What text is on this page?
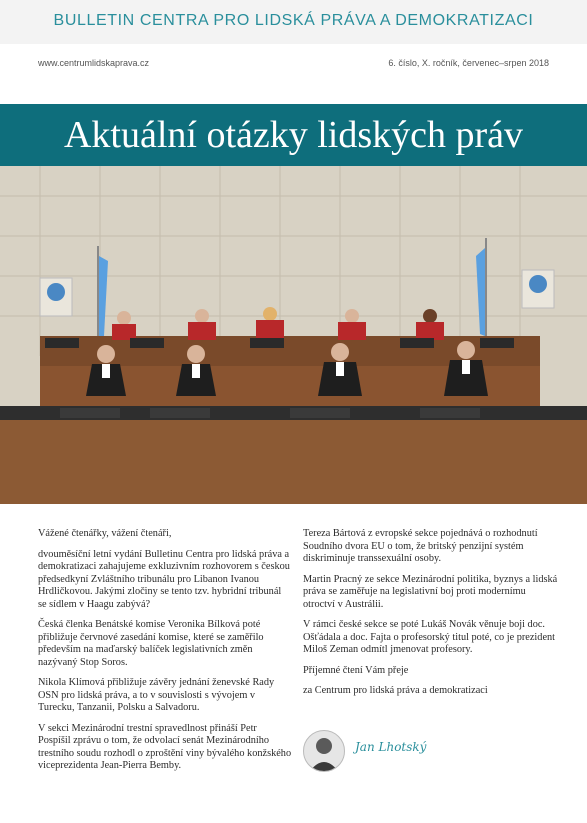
BULLETIN CENTRA PRO LIDSKÁ PRÁVA A DEMOKRATIZACI
www.centrumlidskaprava.cz	6. číslo, X. ročník, červenec–srpen 2018
Aktuální otázky lidských práv

Vážené čtenářky, vážení čtenáři,

dvouměsíční letní vydání Bulletinu Centra pro lidská práva a demokratizaci zahajujeme exkluzivním rozhovorem s českou předsedkyní Zvláštního tribunálu pro Libanon Ivanou Hrdličkovou. Jakými zločiny se tento tzv. hybridní tribunál se sídlem v Haagu zabývá?

Česká členka Benátské komise Veronika Bílková poté přibližuje červnové zasedání komise, které se zaměřilo především na maďarský balíček legislativních změn nazývaný Stop Soros.

Nikola Klímová přibližuje závěry jednání ženevské Rady OSN pro lidská práva, a to v souvislosti s vývojem v Turecku, Tanzanii, Polsku a Salvadoru.

V sekci Mezinárodní trestní spravedlnost přináší Petr Pospíšil zprávu o tom, že odvolací senát Mezinárodního trestního soudu rozhodl o zproštění viny bývalého konžského viceprezidenta Jean-Pierra Bemby.

Tereza Bártová z evropské sekce pojednává o rozhodnutí Soudního dvora EU o tom, že britský penzijní systém diskriminuje transsexuální osoby.

Martin Pracný ze sekce Mezinárodní politika, byznys a lidská práva se zaměřuje na legislativní boj proti modernímu otroctví v Austrálii.

V rámci české sekce se poté Lukáš Novák věnuje boji doc. Ošťádala a doc. Fajta o profesorský titul poté, co je prezident Miloš Zeman odmítl jmenovat profesory.

Příjemné čtení Vám přeje

za Centrum pro lidská práva a demokratizaci

Jan Lhotský
